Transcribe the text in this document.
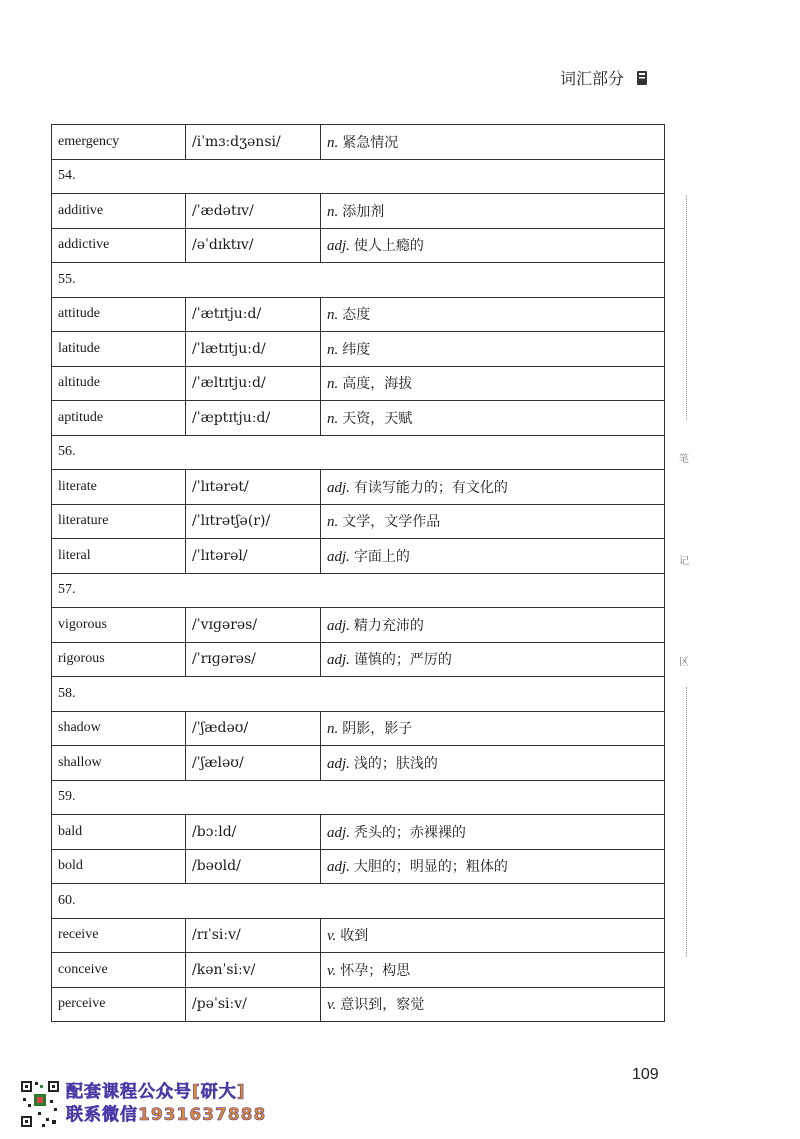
词汇部分
emergency	/iˈmɜːdʒənsi/	n. 紧急情况
54.		
additive	/ˈædətɪv/	n. 添加剂
addictive	/əˈdɪktɪv/	adj. 使人上瘾的
55.		
attitude	/ˈætɪtjuːd/	n. 态度
latitude	/ˈlætɪtjuːd/	n. 纬度
altitude	/ˈæltɪtjuːd/	n. 高度，海拔
aptitude	/ˈæptɪtjuːd/	n. 天资，天赋
56.		
literate	/ˈlɪtərət/	adj. 有读写能力的；有文化的
literature	/ˈlɪtrətʃə(r)/	n. 文学，文学作品
literal	/ˈlɪtərəl/	adj. 字面上的
57.		
vigorous	/ˈvɪɡərəs/	adj. 精力充沛的
rigorous	/ˈrɪɡərəs/	adj. 谨慎的；严厉的
58.		
shadow	/ˈʃædəʊ/	n. 阴影，影子
shallow	/ˈʃæləʊ/	adj. 浅的；肤浅的
59.		
bald	/bɔːld/	adj. 秃头的；赤裸裸的
bold	/bəʊld/	adj. 大胆的；明显的；粗体的
60.		
receive	/rɪˈsiːv/	v. 收到
conceive	/kənˈsiːv/	v. 怀孕；构思
perceive	/pəˈsiːv/	v. 意识到，察觉
笔
记
区
109
配套课程公众号[研大]
联系微信1931637888
